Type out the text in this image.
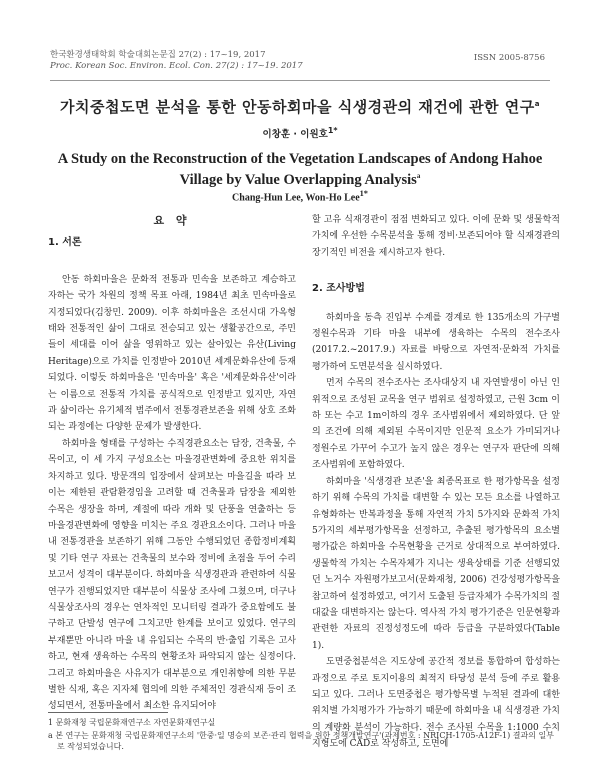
한국환경생태학회 학술대회논문집 27(2) : 17~19, 2017
Proc. Korean Soc. Environ. Ecol. Con. 27(2) : 17~19. 2017
ISSN 2005-8756
가치중첩도면 분석을 통한 안동하회마을 식생경관의 재건에 관한 연구$^a$
이창훈 · 이원호$^{1*}$
A Study on the Reconstruction of the Vegetation Landscapes of Andong Hahoe Village by Value Overlapping Analysis$^a$
Chang-Hun Lee, Won-Ho Lee$^{1*}$
요 약
1. 서론

안동 하회마을은 문화적 전통과 민속을 보존하고 계승하고자하는 국가 차원의 정책 목표 아래, 1984년 최초 민속마을로 지정되었다(김창민. 2009). 이후 하회마을은 조선시대 가옥형태와 전통적인 삶이 그대로 전승되고 있는 생활공간으로, 주민들이 세대를 이어 삶을 영위하고 있는 살아있는 유산(Living Heritage)으로 가치를 인정받아 2010년 세계문화유산에 등재되었다. 이렇듯 하회마을은 '민속마을' 혹은 '세계문화유산'이라는 이름으로 전통적 가치를 공식적으로 인정받고 있지만, 자연과 삶이라는 유기체적 범주에서 전통경관보존을 위해 상호 조화되는 과정에는 다양한 문제가 발생한다.

하회마을 형태를 구성하는 수직경관요소는 담장, 건축물, 수목이고, 이 세 가지 구성요소는 마을경관변화에 중요한 위치를 차지하고 있다. 방문객의 입장에서 살펴보는 마을길을 따라 보이는 제한된 관람환경임을 고려할 때 건축물과 담장을 제외한 수목은 생장을 하며, 계절에 따라 개화 및 단풍을 연출하는 등 마을경관변화에 영향을 미치는 주요 경관요소이다. 그러나 마을 내 전통경관을 보존하기 위해 그동안 수행되었던 종합정비계획 및 기타 연구 자료는 건축물의 보수와 정비에 초점을 두어 수리보고서 성격이 대부분이다. 하회마을 식생경관과 관련하여 식물연구가 진행되었지만 대부분이 식물상 조사에 그쳤으며, 더구나 식물상조사의 경우는 연차적인 모니터링 결과가 중요함에도 불구하고 단발성 연구에 그치고만 한계를 보이고 있었다. 연구의 부재뿐만 아니라 마을 내 유입되는 수목의 반·출입 기록은 고사하고, 현재 생육하는 수목의 현황조차 파악되지 않는 실정이다. 그리고 하회마을은 사유지가 대부분으로 개인취향에 의한 무분별한 식재, 혹은 지자체 협의에 의한 주체적인 경관식재 등이 조성되면서, 전통마을에서 최소한 유지되어야

할 고유 식재경관이 점점 변화되고 있다. 이에 문화 및 생물학적 가치에 우선한 수목분석을 통해 정비·보존되어야 할 식재경관의 장기적인 비전을 제시하고자 한다.

2. 조사방법

하회마을 동측 진입부 수계를 경계로 한 135개소의 가구별 정원수목과 기타 마을 내부에 생육하는 수목의 전수조사(2017.2.~2017.9.) 자료를 바탕으로 자연적·문화적 가치를 평가하여 도면분석을 실시하였다.

먼저 수목의 전수조사는 조사대상지 내 자연발생이 아닌 인위적으로 조성된 교목을 연구 범위로 설정하였고, 근원 3cm 이하 또는 수고 1m이하의 경우 조사범위에서 제외하였다. 단 앞의 조건에 의해 제외된 수목이지만 인문적 요소가 가미되거나 정원수로 가꾸어 수고가 높지 않은 경우는 연구자 판단에 의해 조사범위에 포함하였다.

하회마을 '식생경관 보존'을 최종목표로 한 평가항목을 설정하기 위해 수목의 가치를 대변할 수 있는 모든 요소를 나열하고 유형화하는 반복과정을 통해 자연적 가치 5가지와 문화적 가치 5가지의 세부평가항목을 선정하고, 추출된 평가항목의 요소별 평가값은 하회마을 수목현황을 근거로 상대적으로 부여하였다. 생물학적 가치는 수목자체가 지니는 생육상태를 기준 선행되었던 노거수 자원평가보고서(문화재청, 2006) 건강성평가항목을 참고하여 설정하였고, 여기서 도출된 등급자체가 수목가치의 절대값을 대변하지는 않는다. 역사적 가치 평가기준은 인문현황과 관련한 자료의 진정성정도에 따라 등급을 구분하였다(Table 1).

도면중첩분석은 지도상에 공간적 정보를 통합하여 합성하는 과정으로 주로 토지이용의 최적지 타당성 분석 등에 주로 활용되고 있다. 그러나 도면중첩은 평가항목별 누적된 결과에 대한 위치별 가치평가가 가능하기 때문에 하회마을 내 식생경관 가치의 계량화 분석이 가능하다. 전수 조사된 수목을 1:1000 수치지형도에 CAD로 작성하고, 도면에

1 문화재청 국립문화재연구소 자연문화재연구실
a 본 연구는 문화재청 국립문화재연구소의 '한중·일 명승의 보존·관리 협력을 위한 정책개발연구'(과제번호 : NRICH-1705-A12F-1) 결과의 일부로 작성되었습니다.
